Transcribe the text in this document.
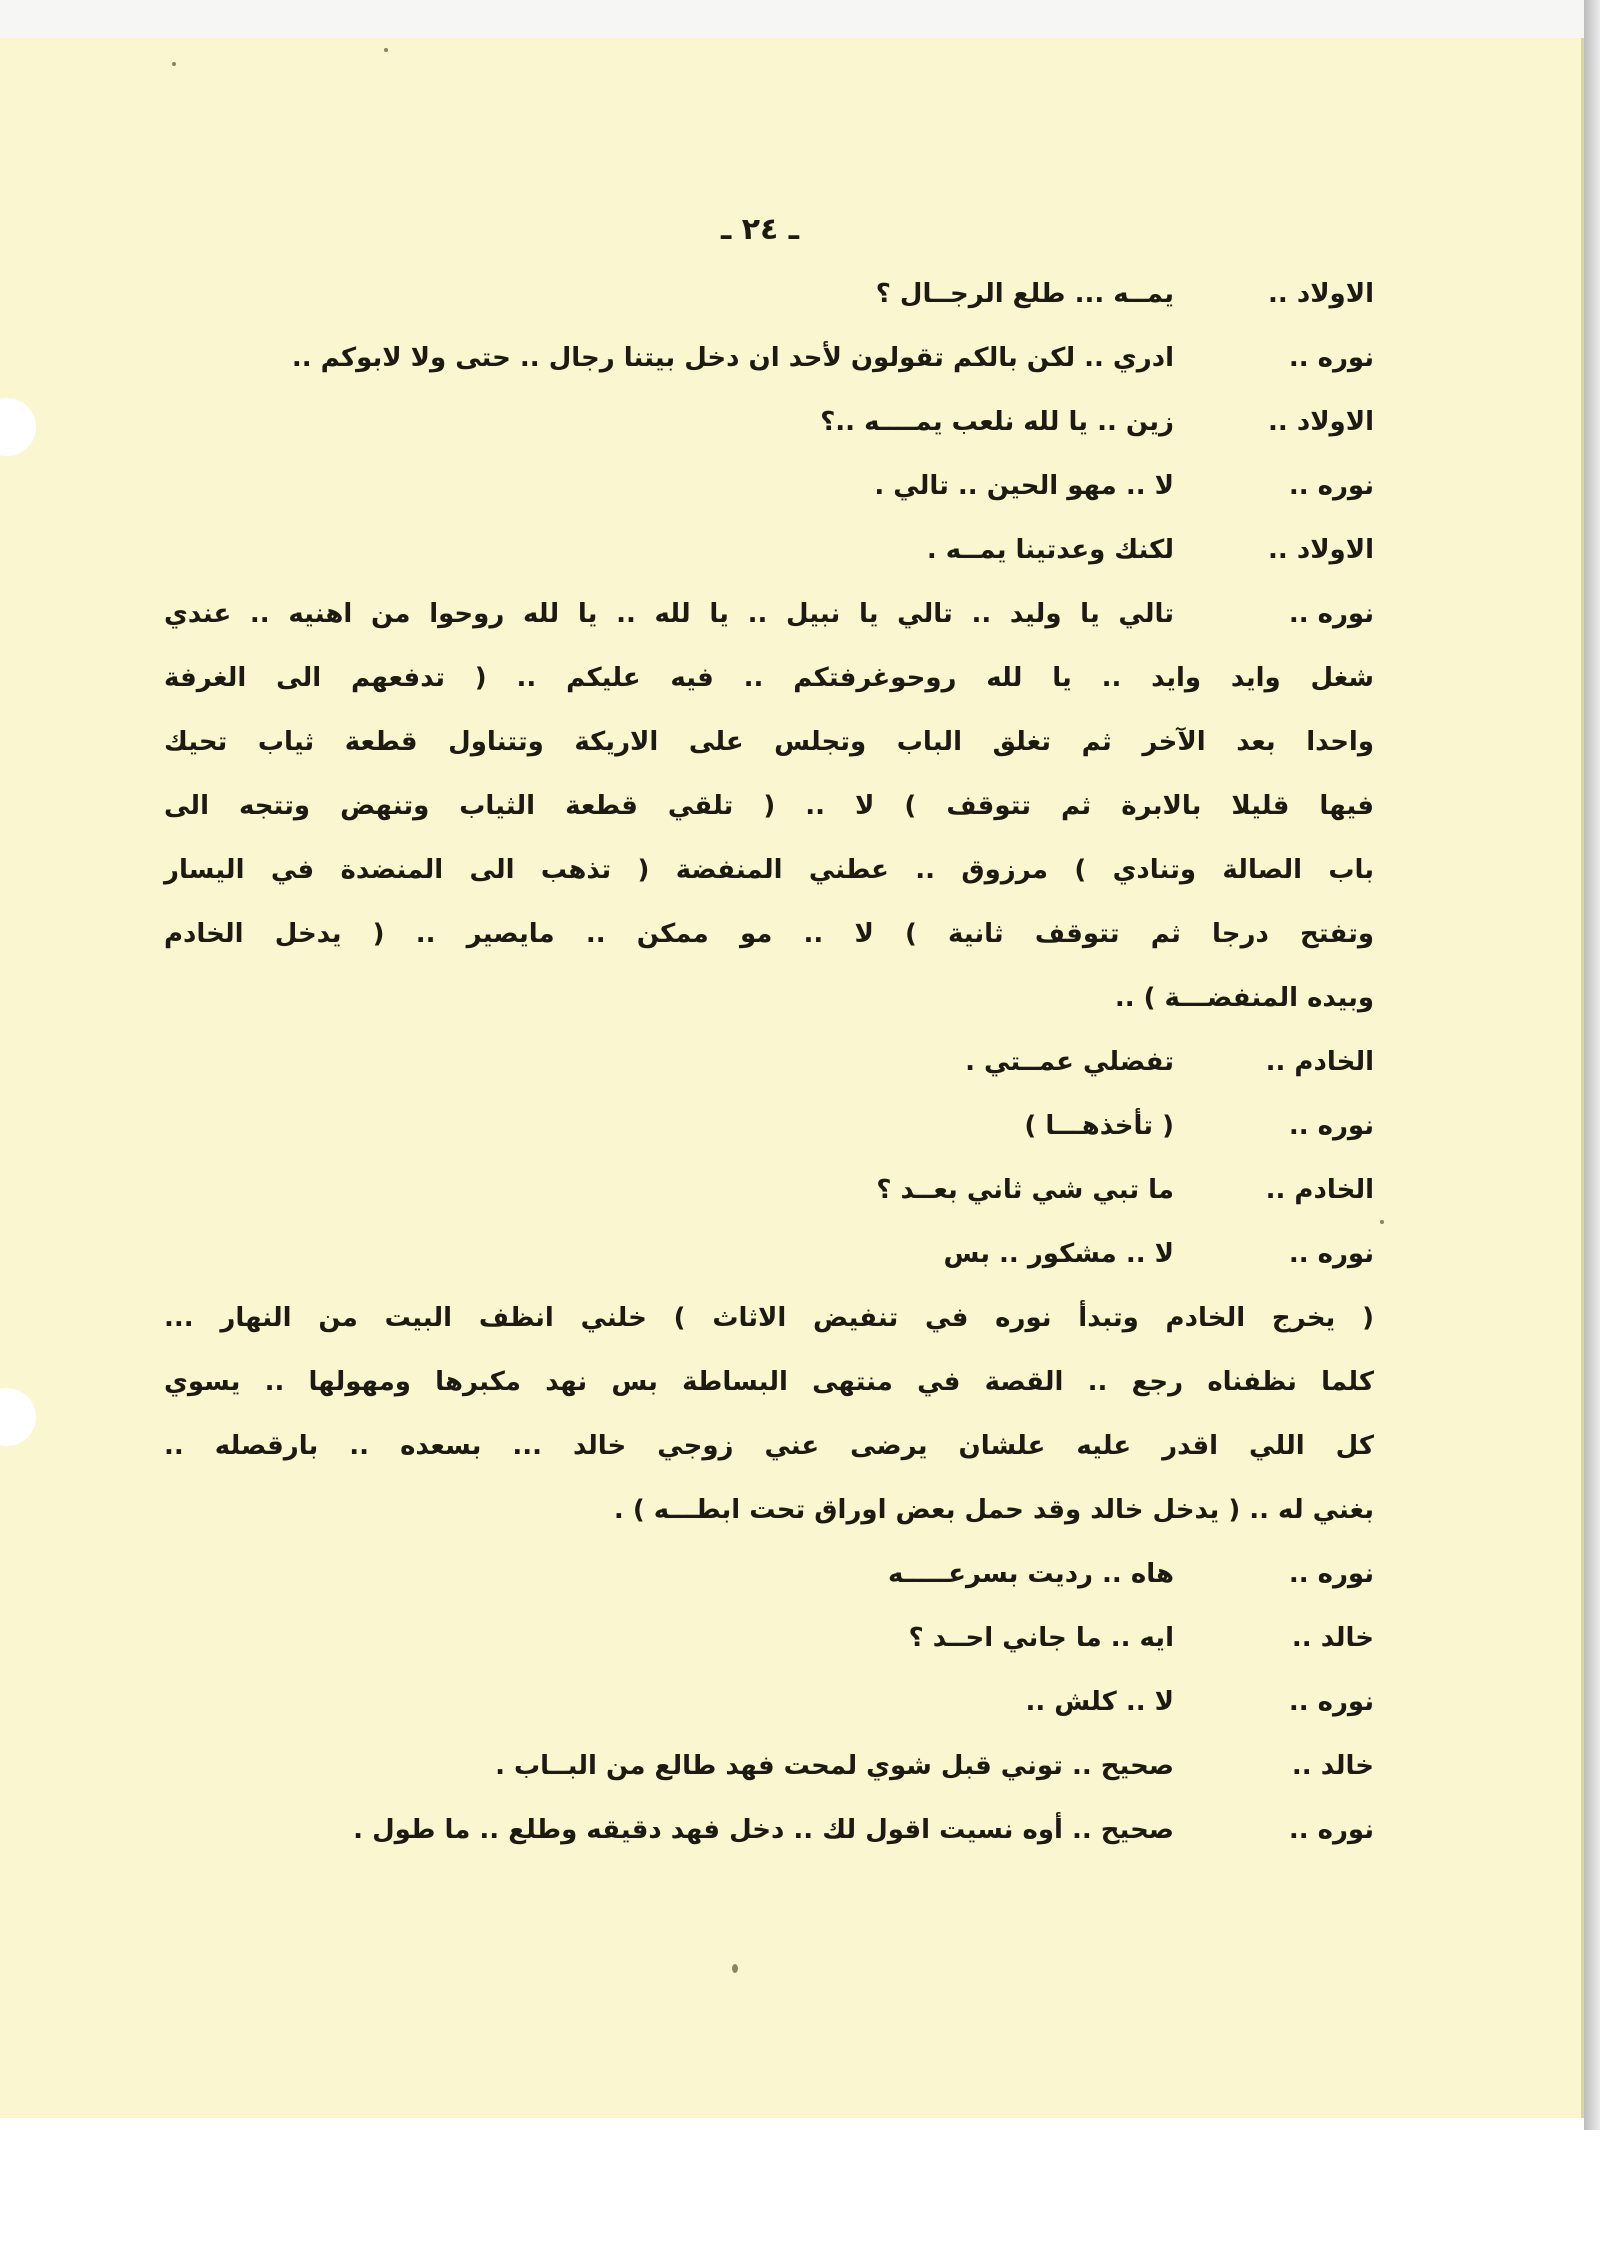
ـ ٢٤ ـ
الاولاد ..
يمــه ... طلع الرجــال ؟
نوره ..
ادري .. لكن بالكم تقولون لأحد ان دخل بيتنا رجال .. حتى ولا لابوكم ..
الاولاد ..
زين .. يا لله نلعب يمــــه ..؟
نوره ..
لا .. مهو الحين .. تالي .
الاولاد ..
لكنك وعدتينا يمــه .
نوره ..
تالي يا وليد .. تالي يا نبيل .. يا لله .. يا لله روحوا من اهنيه .. عندي
شغل وايد وايد .. يا لله روحوغرفتكم .. فيه عليكم .. ( تدفعهم الى الغرفة
واحدا بعد الآخر ثم تغلق الباب وتجلس على الاريكة وتتناول قطعة ثياب تحيك
فيها قليلا بالابرة ثم تتوقف ) لا .. ( تلقي قطعة الثياب وتنهض وتتجه الى
باب الصالة وتنادي ) مرزوق .. عطني المنفضة ( تذهب الى المنضدة في اليسار
وتفتح درجا ثم تتوقف ثانية ) لا .. مو ممكن .. مايصير .. ( يدخل الخادم
وبيده المنفضـــة ) ..
الخادم ..
تفضلي عمــتي .
نوره ..
( تأخذهـــا )
الخادم ..
ما تبي شي ثاني بعــد ؟
نوره ..
لا .. مشكور .. بس
( يخرج الخادم وتبدأ نوره في تنفيض الاثاث ) خلني انظف البيت من النهار ...
كلما نظفناه رجع .. القصة في منتهى البساطة بس نهد مكبرها ومهولها .. يسوي
كل اللي اقدر عليه علشان يرضى عني زوجي خالد ... بسعده .. بارقصله ..
بغني له .. ( يدخل خالد وقد حمل بعض اوراق تحت ابطـــه ) .
نوره ..
هاه .. رديت بسرعـــــه
خالد ..
ايه .. ما جاني احــد ؟
نوره ..
لا .. كلش ..
خالد ..
صحيح .. توني قبل شوي لمحت فهد طالع من البــاب .
نوره ..
صحيح .. أوه نسيت اقول لك .. دخل فهد دقيقه وطلع .. ما طول .
